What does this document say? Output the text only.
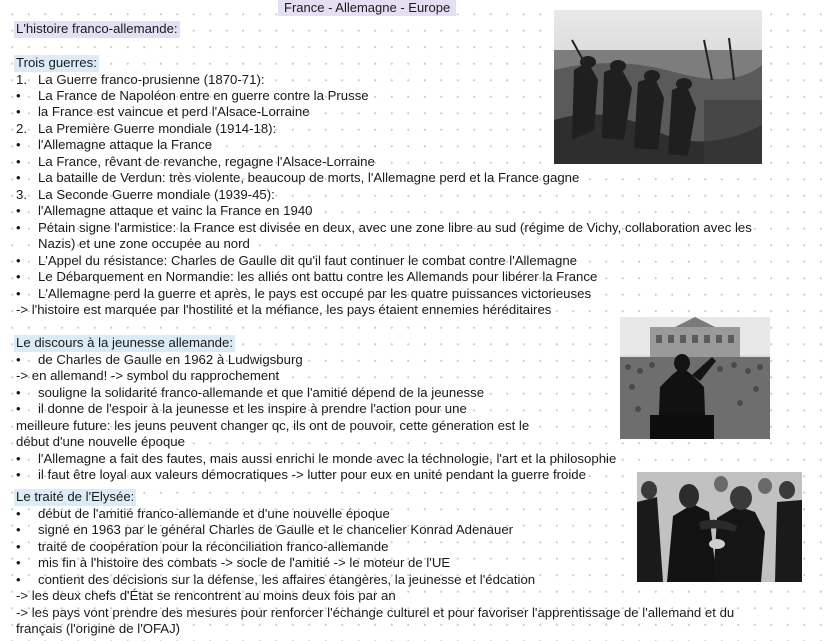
France - Allemagne - Europe
L'histoire franco-allemande:
Trois guerres:
Le discours à la jeunesse allemande:
Le traité de l'Elysée:
1. La Guerre franco-prusienne (1870-71):
•	La France de Napoléon entre en guerre contre la Prusse
•	la France est vaincue et perd l'Alsace-Lorraine
2. La Première Guerre mondiale (1914-18):
•	l'Allemagne attaque la France
•	La France, rêvant de revanche, regagne l'Alsace-Lorraine
•	La bataille de Verdun: très violente, beaucoup de morts, l'Allemagne perd et la France gagne
3. La Seconde Guerre mondiale (1939-45):
•	l'Allemagne attaque et vainc la France en 1940
•	Pétain signe l'armistice: la France est divisée en deux, avec une zone libre au sud (régime de Vichy, collaboration avec les
Nazis) et une zone occupée au nord
•	L'Appel du résistance: Charles de Gaulle dit qu'il faut continuer le combat contre l'Allemagne
•	Le Débarquement en Normandie: les alliés ont battu contre les Allemands pour libérer la France
•	L'Allemagne perd la guerre et après, le pays est occupé par les quatre puissances victorieuses
-> l'histoire est marquée par l'hostilité et la méfiance, les pays étaient ennemies héréditaires
•	de Charles de Gaulle en 1962 à Ludwigsburg
-> en allemand! -> symbol du rapprochement
•	souligne la solidarité franco-allemande et que l'amitié dépend de la jeunesse
•	il donne de l'espoir à la jeunesse et les inspire à prendre l'action pour une
meilleure future: les jeuns peuvent changer qc, ils ont de pouvoir, cette géneration est le
début d'une nouvelle époque
•	l'Allemagne a fait des fautes, mais aussi enrichi le monde avec la téchnologie, l'art et la philosophie
•	il faut être loyal aux valeurs démocratiques -> lutter pour eux en unité pendant la guerre froide
•	début de l'amitié franco-allemande et d'une nouvelle époque
•	signé en 1963 par le général Charles de Gaulle et le chancelier Konrad Adenauer
•	traité de coopération pour la réconciliation franco-allemande
•	mis fin à l'histoire des combats -> socle de l'amitié -> le moteur de l'UE
•	contient des décisions sur la défense, les affaires étangères, la jeunesse et l'édcation
-> les deux chefs d'État se rencontrent au moins deux fois par an
-> les pays vont prendre des mesures pour renforcer l'échange culturel et pour favoriser l'apprentissage de l'allemand et du
français (l'origine de l'OFAJ)
